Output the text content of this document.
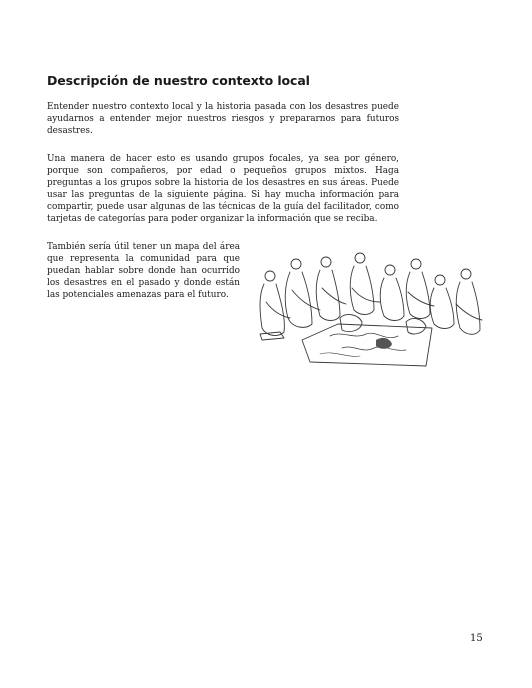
Descripción de nuestro contexto local

Entender nuestro contexto local y la historia pasada con los desastres puede ayudarnos a entender mejor nuestros riesgos y prepararnos para futuros desastres.

Una manera de hacer esto es usando grupos focales, ya sea por género, porque son compañeros, por edad o pequeños grupos mixtos. Haga preguntas a los grupos sobre la historia de los desastres en sus áreas. Puede usar las preguntas de la siguiente página. Si hay mucha información para compartir, puede usar algunas de las técnicas de la guía del facilitador, como tarjetas de categorías para poder organizar la información que se reciba.

También sería útil tener un mapa del área que representa la comunidad para que puedan hablar sobre donde han ocurrido los desastres en el pasado y donde están las potenciales amenazas para el futuro.

15
